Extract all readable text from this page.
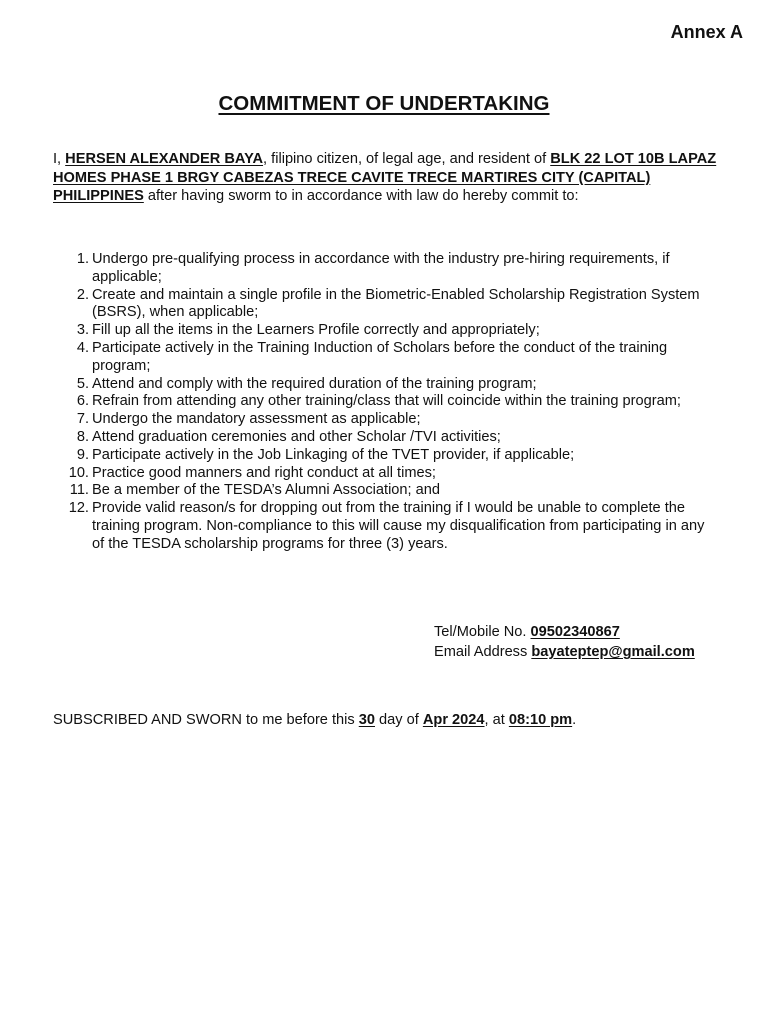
Annex A
COMMITMENT OF UNDERTAKING
I, HERSEN ALEXANDER BAYA, filipino citizen, of legal age, and resident of BLK 22 LOT 10B LAPAZ HOMES PHASE 1 BRGY CABEZAS TRECE CAVITE TRECE MARTIRES CITY (CAPITAL) PHILIPPINES after having sworm to in accordance with law do hereby commit to:
1. Undergo pre-qualifying process in accordance with the industry pre-hiring requirements, if applicable;
2. Create and maintain a single profile in the Biometric-Enabled Scholarship Registration System (BSRS), when applicable;
3. Fill up all the items in the Learners Profile correctly and appropriately;
4. Participate actively in the Training Induction of Scholars before the conduct of the training program;
5. Attend and comply with the required duration of the training program;
6. Refrain from attending any other training/class that will coincide within the training program;
7. Undergo the mandatory assessment as applicable;
8. Attend graduation ceremonies and other Scholar /TVI activities;
9. Participate actively in the Job Linkaging of the TVET provider, if applicable;
10. Practice good manners and right conduct at all times;
11. Be a member of the TESDA’s Alumni Association; and
12. Provide valid reason/s for dropping out from the training if I would be unable to complete the training program. Non-compliance to this will cause my disqualification from participating in any of the TESDA scholarship programs for three (3) years.
Tel/Mobile No. 09502340867
Email Address bayateptep@gmail.com
SUBSCRIBED AND SWORN to me before this 30 day of Apr 2024, at 08:10 pm.
